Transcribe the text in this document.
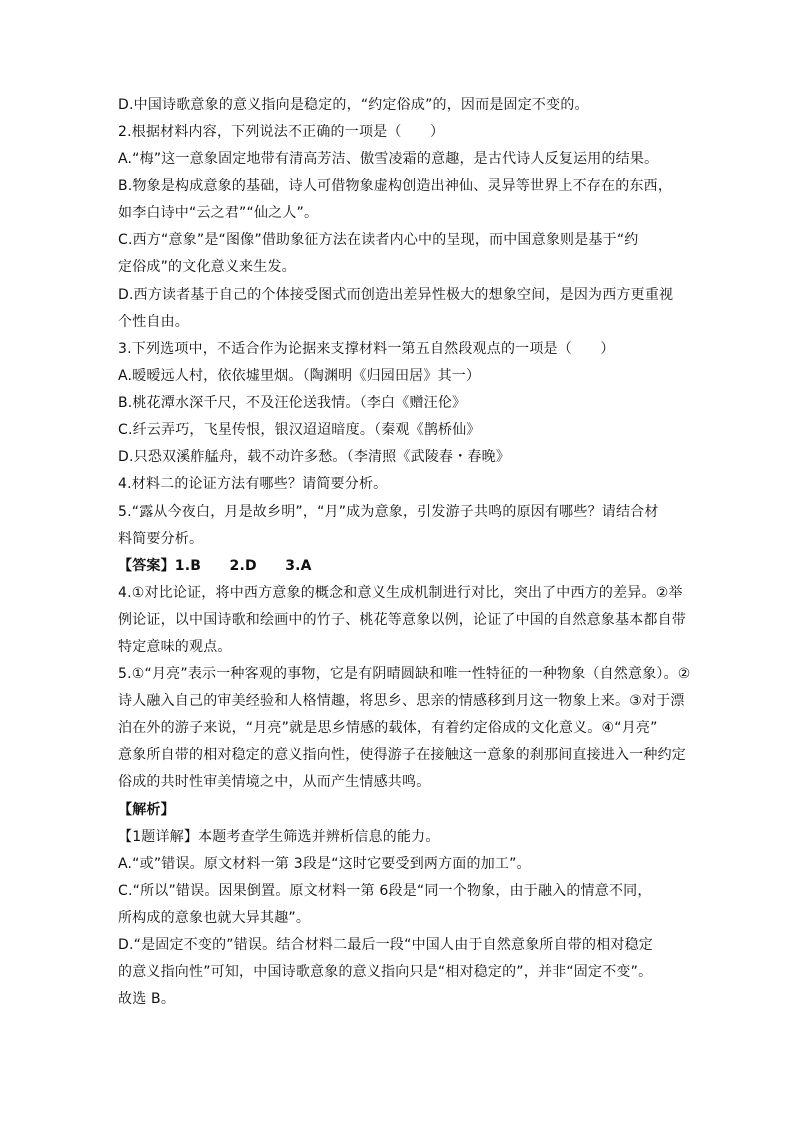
D.中国诗歌意象的意义指向是稳定的，“约定俗成”的，因而是固定不变的。
2.根据材料内容，下列说法不正确的一项是（　　）
A.“梅”这一意象固定地带有清高芳洁、傲雪凌霜的意趣，是古代诗人反复运用的结果。
B.物象是构成意象的基础，诗人可借物象虚构创造出神仙、灵异等世界上不存在的东西，
如李白诗中“云之君”“仙之人”。
C.西方“意象”是“图像”借助象征方法在读者内心中的呈现，而中国意象则是基于“约
定俗成”的文化意义来生发。
D.西方读者基于自己的个体接受图式而创造出差异性极大的想象空间，是因为西方更重视
个性自由。
3.下列选项中，不适合作为论据来支撑材料一第五自然段观点的一项是（　　）
A.暧暧远人村，依依墟里烟。（陶渊明《归园田居》其一）
B.桃花潭水深千尺，不及汪伦送我情。（李白《赠汪伦》
C.纤云弄巧，飞星传恨，银汉迢迢暗度。（秦观《鹊桥仙》
D.只恐双溪舴艋舟，载不动许多愁。（李清照《武陵春・春晚》
4.材料二的论证方法有哪些？请简要分析。
5.“露从今夜白，月是故乡明”，“月”成为意象，引发游子共鸣的原因有哪些？请结合材
料简要分析。
【答案】1.B　　2.D　　3.A
4.①对比论证，将中西方意象的概念和意义生成机制进行对比，突出了中西方的差异。②举
例论证，以中国诗歌和绘画中的竹子、桃花等意象以例，论证了中国的自然意象基本都自带
特定意味的观点。
5.①“月亮”表示一种客观的事物，它是有阴晴圆缺和唯一性特征的一种物象（自然意象）。②
诗人融入自己的审美经验和人格情趣，将思乡、思亲的情感移到月这一物象上来。③对于漂
泊在外的游子来说，“月亮”就是思乡情感的载体，有着约定俗成的文化意义。④“月亮”
意象所自带的相对稳定的意义指向性，使得游子在接触这一意象的刹那间直接进入一种约定
俗成的共时性审美情境之中，从而产生情感共鸣。
【解析】
【1题详解】本题考查学生筛选并辨析信息的能力。
A.“或”错误。原文材料一第 3段是“这时它要受到两方面的加工”。
C.“所以”错误。因果倒置。原文材料一第 6段是“同一个物象，由于融入的情意不同，
所构成的意象也就大异其趣”。
D.“是固定不变的”错误。结合材料二最后一段“中国人由于自然意象所自带的相对稳定
的意义指向性”可知，中国诗歌意象的意义指向只是“相对稳定的”，并非“固定不变”。
故选 B。
